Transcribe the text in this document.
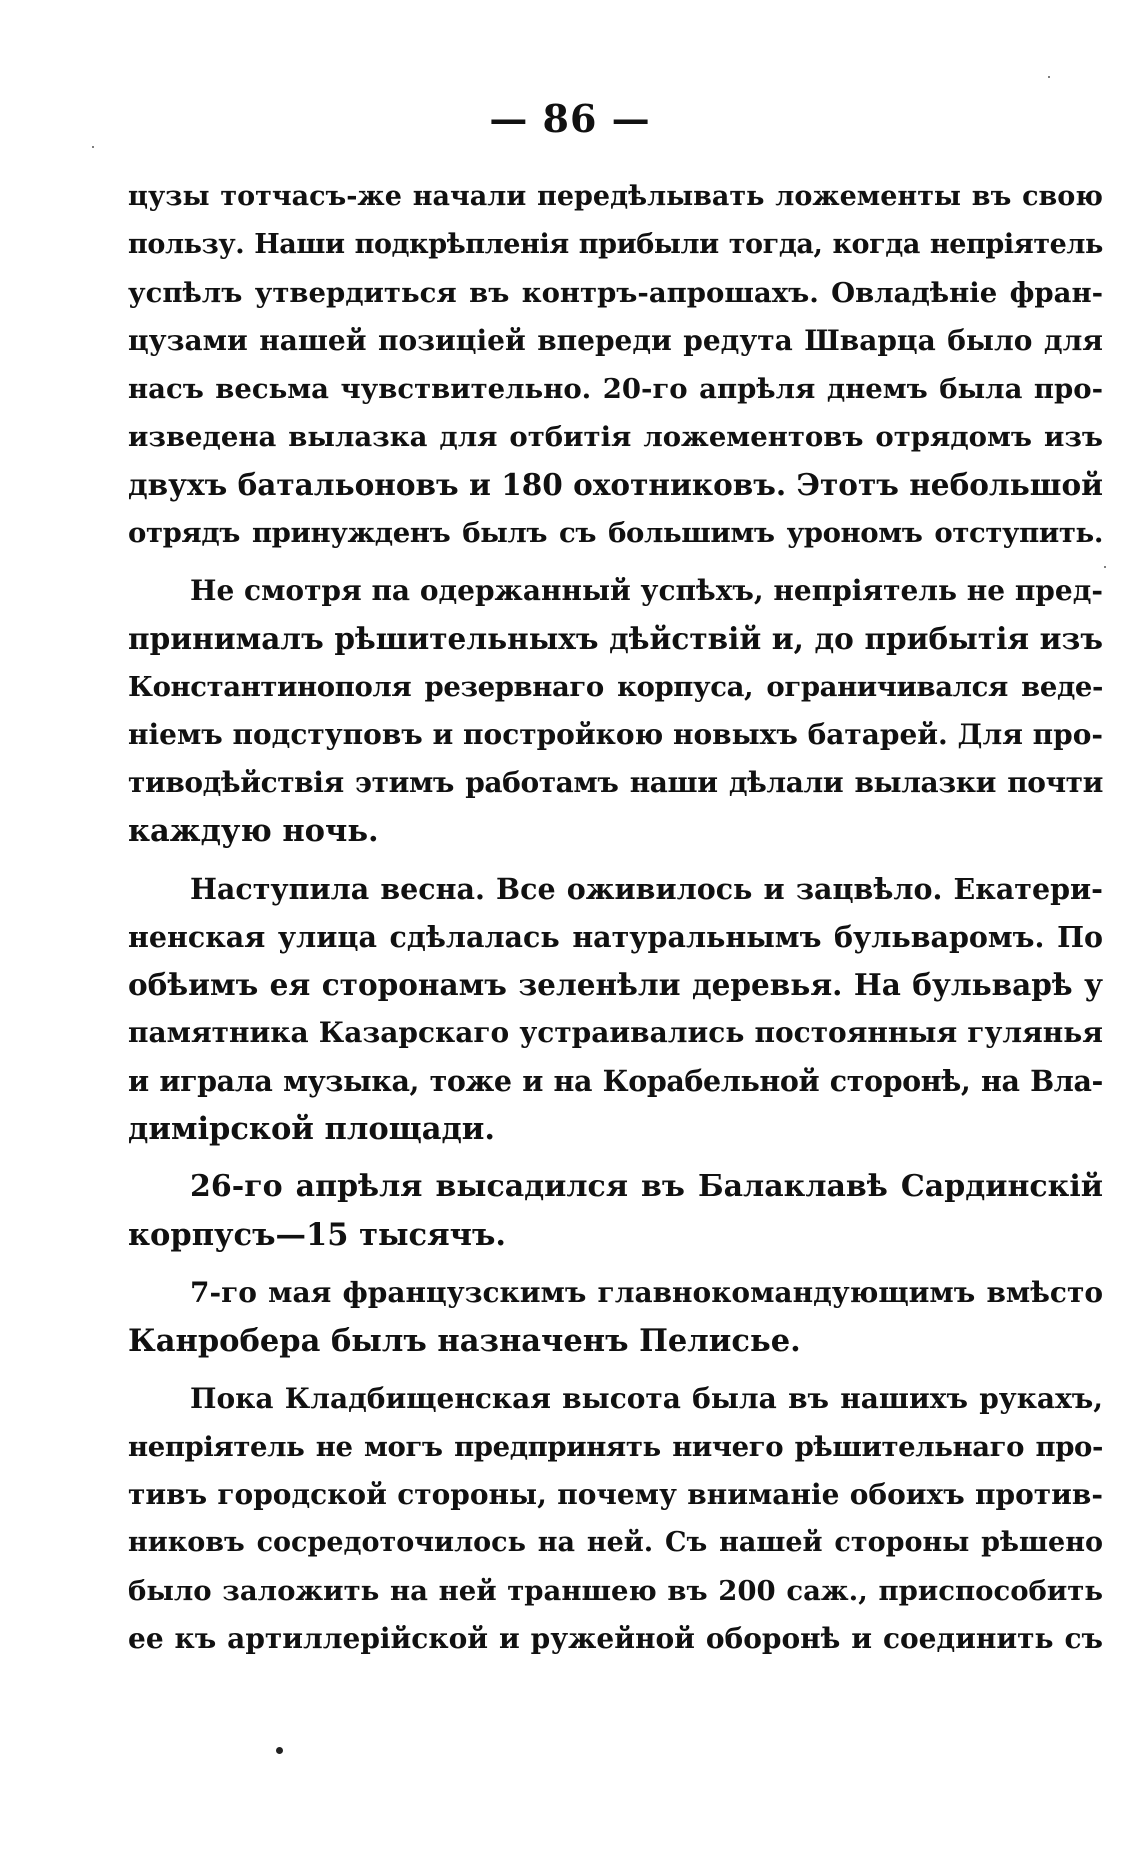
— 86 —
цузы тотчасъ-же начали передѣлывать ложементы въ свою
пользу. Наши подкрѣпленія прибыли тогда, когда непріятель
успѣлъ утвердиться въ контръ-апрошахъ. Овладѣніе фран-
цузами нашей позиціей впереди редута Шварца было для
насъ весьма чувствительно. 20-го апрѣля днемъ была про-
изведена вылазка для отбитія ложементовъ отрядомъ изъ
двухъ батальоновъ и 180 охотниковъ. Этотъ небольшой
отрядъ принужденъ былъ съ большимъ урономъ отступить.
Не смотря па одержанный успѣхъ, непріятель не пред-
принималъ рѣшительныхъ дѣйствій и, до прибытія изъ
Константинополя резервнаго корпуса, ограничивался веде-
ніемъ подступовъ и постройкою новыхъ батарей. Для про-
тиводѣйствія этимъ работамъ наши дѣлали вылазки почти
каждую ночь.
Наступила весна. Все оживилось и зацвѣло. Екатери-
ненская улица сдѣлалась натуральнымъ бульваромъ. По
обѣимъ ея сторонамъ зеленѣли деревья. На бульварѣ у
памятника Казарскаго устраивались постоянныя гулянья
и играла музыка, тоже и на Корабельной сторонѣ, на Вла-
димірской площади.
26-го апрѣля высадился въ Балаклавѣ Сардинскій
корпусъ—15 тысячъ.
7-го мая французскимъ главнокомандующимъ вмѣсто
Канробера былъ назначенъ Пелисье.
Пока Кладбищенская высота была въ нашихъ рукахъ,
непріятель не могъ предпринять ничего рѣшительнаго про-
тивъ городской стороны, почему вниманіе обоихъ против-
никовъ сосредоточилось на ней. Съ нашей стороны рѣшено
было заложить на ней траншею въ 200 саж., приспособить
ее къ артиллерійской и ружейной оборонѣ и соединить съ
